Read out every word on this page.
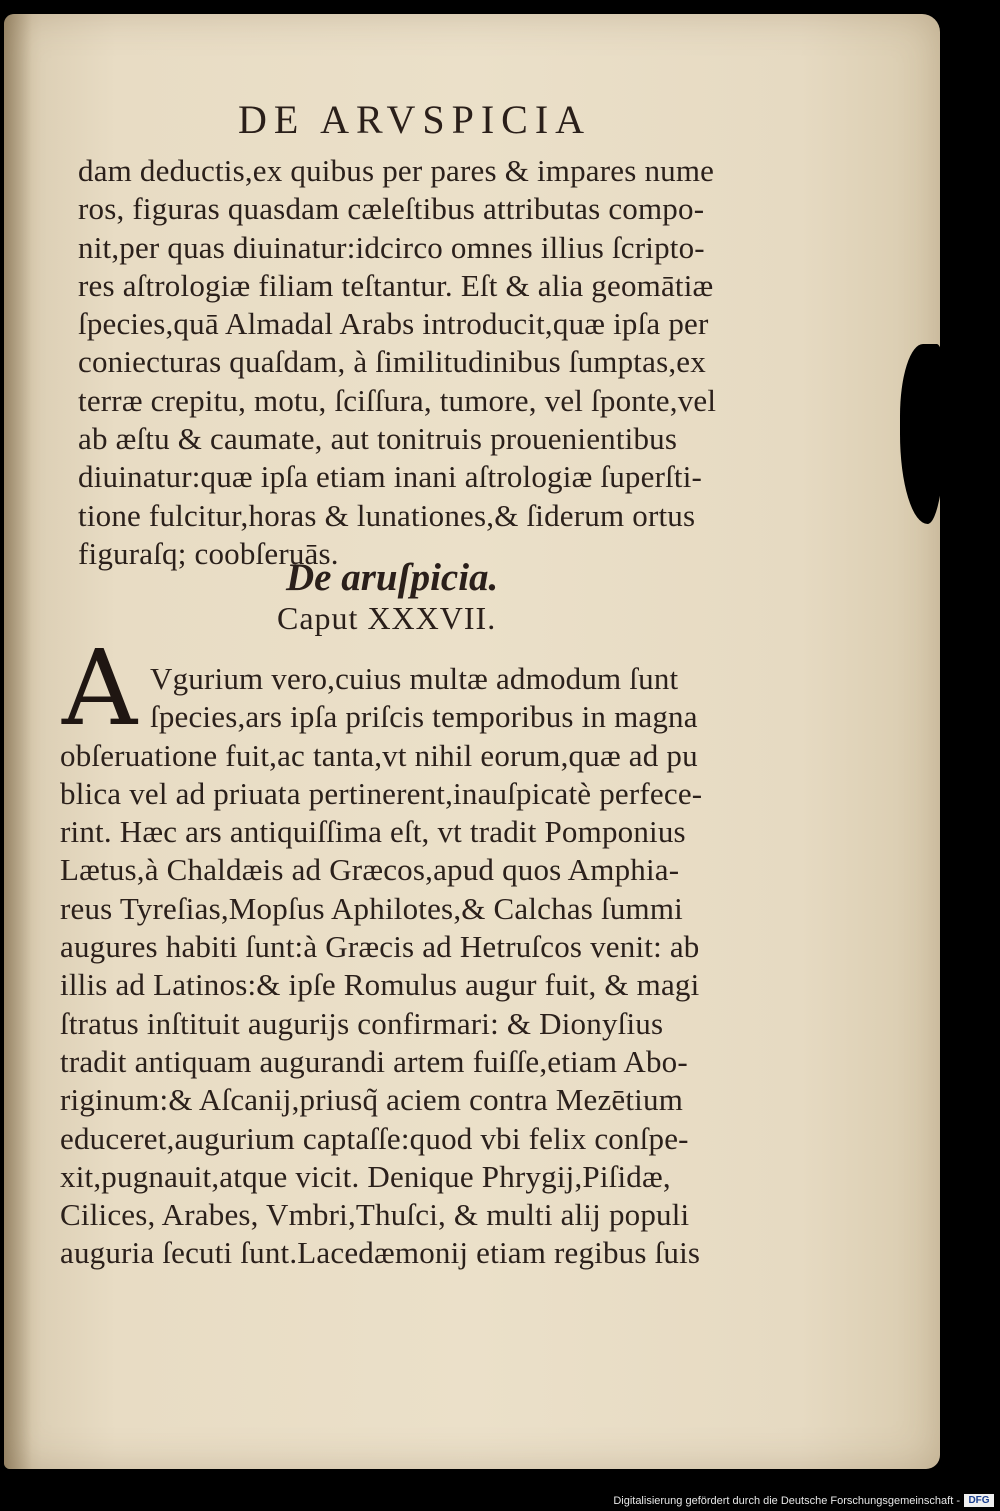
DE ARVSPICIA
dam deductis,ex quibus per pares & impares nume
ros, figuras quasdam cæleſtibus attributas compo-
nit,per quas diuinatur:idcirco omnes illius ſcripto-
res aſtrologiæ filiam teſtantur. Eſt & alia geomātiæ
ſpecies,quā Almadal Arabs introducit,quæ ipſa per
coniecturas quaſdam, à ſimilitudinibus ſumptas,ex
terræ crepitu, motu, ſciſſura, tumore, vel ſponte,vel
ab æſtu & caumate, aut tonitruis prouenientibus
diuinatur:quæ ipſa etiam inani aſtrologiæ ſuperſti-
tione fulcitur,horas & lunationes,& ſiderum ortus
figuraſq; coobſeruās.
De aruſpicia.
Caput XXXVII.
A Vgurium vero,cuius multæ admodum ſunt
ſpecies,ars ipſa priſcis temporibus in magna
obſeruatione fuit,ac tanta,vt nihil eorum,quæ ad pu
blica vel ad priuata pertinerent,inauſpicatè perfece-
rint. Hæc ars antiquiſſima eſt, vt tradit Pomponius
Lætus,à Chaldæis ad Græcos,apud quos Amphia-
reus Tyreſias,Mopſus Aphilotes,& Calchas ſummi
augures habiti ſunt:à Græcis ad Hetruſcos venit: ab
illis ad Latinos:& ipſe Romulus augur fuit, & magi
ſtratus inſtituit augurijs confirmari: & Dionyſius
tradit antiquam augurandi artem fuiſſe,etiam Abo-
riginum:& Aſcanij,priusq̃ aciem contra Mezētium
educeret,augurium captaſſe:quod vbi felix conſpe-
xit,pugnauit,atque vicit. Denique Phrygij,Piſidæ,
Cilices, Arabes, Vmbri,Thuſci, & multi alij populi
auguria ſecuti ſunt.Lacedæmonij etiam regibus ſuis
Digitalisierung gefördert durch die Deutsche Forschungsgemeinschaft - DFG
